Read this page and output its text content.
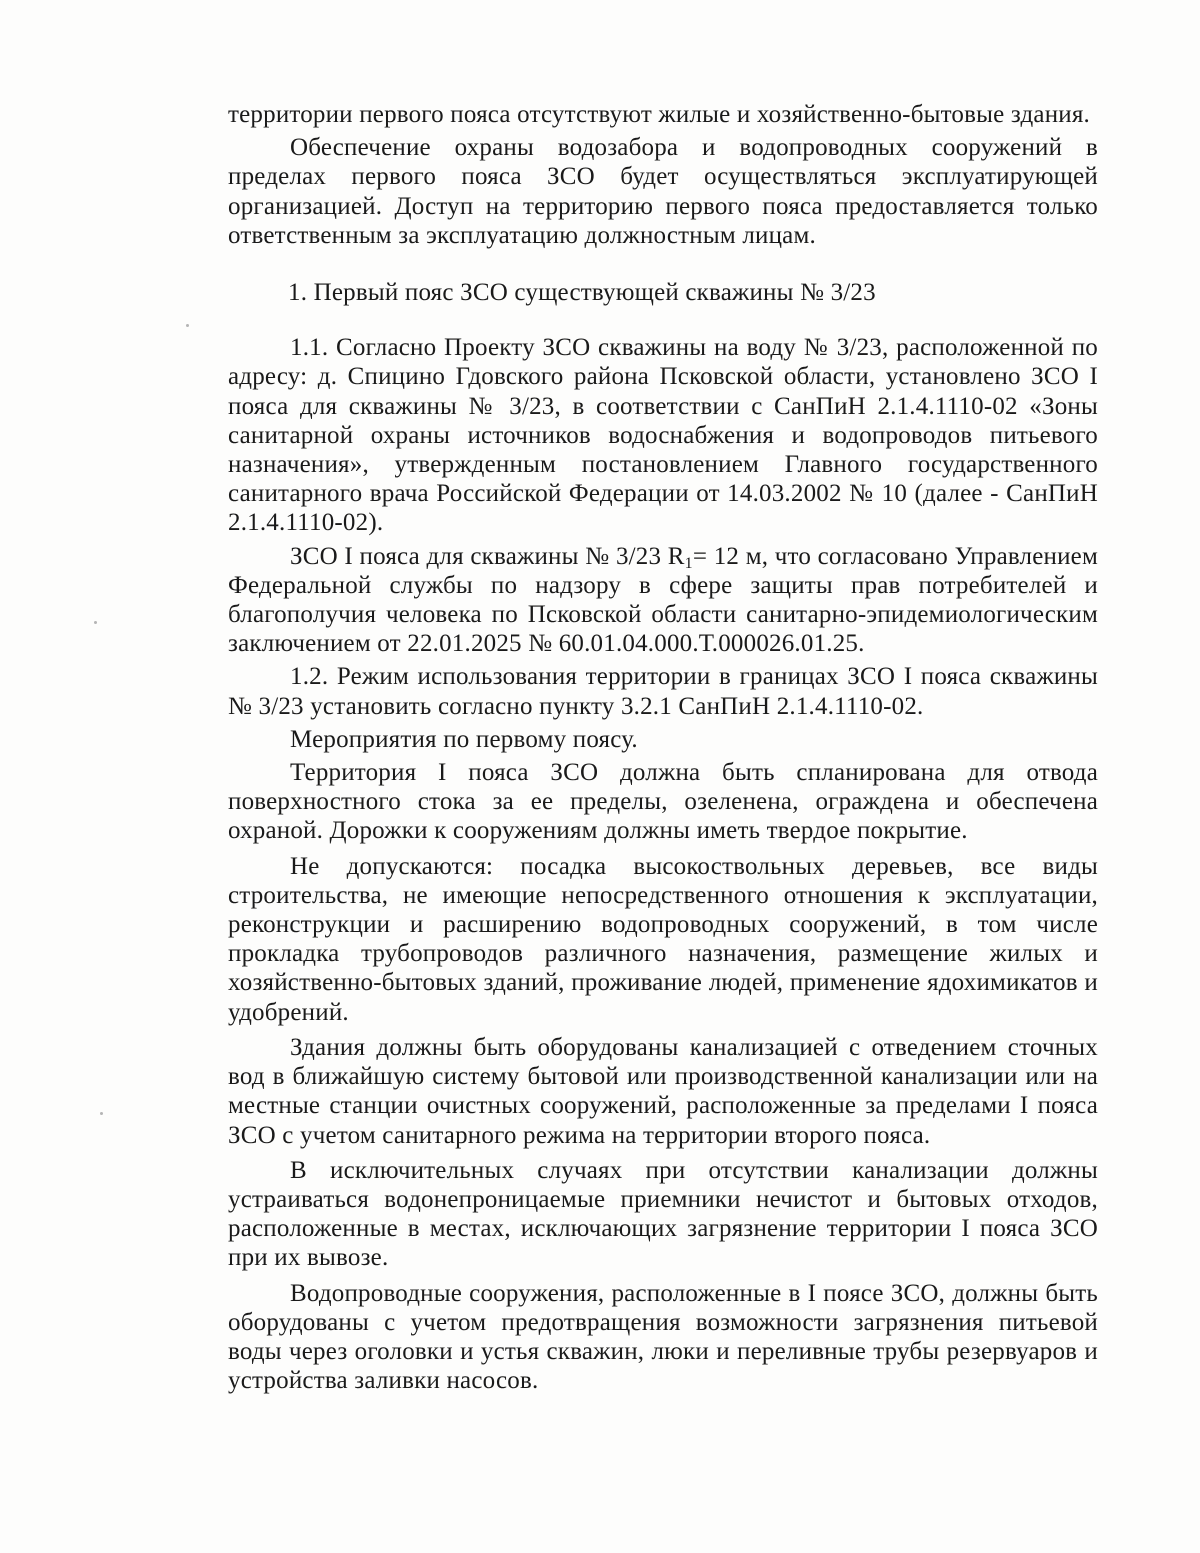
территории первого пояса отсутствуют жилые и хозяйственно-бытовые здания.

Обеспечение охраны водозабора и водопроводных сооружений в пределах первого пояса ЗСО будет осуществляться эксплуатирующей организацией. Доступ на территорию первого пояса предоставляется только ответственным за эксплуатацию должностным лицам.

1. Первый пояс ЗСО существующей скважины № 3/23

1.1. Согласно Проекту ЗСО скважины на воду № 3/23, расположенной по адресу: д. Спицино Гдовского района Псковской области, установлено ЗСО I пояса для скважины № 3/23, в соответствии с СанПиН 2.1.4.1110-02 «Зоны санитарной охраны источников водоснабжения и водопроводов питьевого назначения», утвержденным постановлением Главного государственного санитарного врача Российской Федерации от 14.03.2002 № 10 (далее - СанПиН 2.1.4.1110-02).

ЗСО I пояса для скважины № 3/23 $R_1= 12$ м, что согласовано Управлением Федеральной службы по надзору в сфере защиты прав потребителей и благополучия человека по Псковской области санитарно-эпидемиологическим заключением от 22.01.2025 № 60.01.04.000.Т.000026.01.25.

1.2. Режим использования территории в границах ЗСО I пояса скважины № 3/23 установить согласно пункту 3.2.1 СанПиН 2.1.4.1110-02.

Мероприятия по первому поясу.

Территория I пояса ЗСО должна быть спланирована для отвода поверхностного стока за ее пределы, озеленена, ограждена и обеспечена охраной. Дорожки к сооружениям должны иметь твердое покрытие.

Не допускаются: посадка высокоствольных деревьев, все виды строительства, не имеющие непосредственного отношения к эксплуатации, реконструкции и расширению водопроводных сооружений, в том числе прокладка трубопроводов различного назначения, размещение жилых и хозяйственно-бытовых зданий, проживание людей, применение ядохимикатов и удобрений.

Здания должны быть оборудованы канализацией с отведением сточных вод в ближайшую систему бытовой или производственной канализации или на местные станции очистных сооружений, расположенные за пределами I пояса ЗСО с учетом санитарного режима на территории второго пояса.

В исключительных случаях при отсутствии канализации должны устраиваться водонепроницаемые приемники нечистот и бытовых отходов, расположенные в местах, исключающих загрязнение территории I пояса ЗСО при их вывозе.

Водопроводные сооружения, расположенные в I поясе ЗСО, должны быть оборудованы с учетом предотвращения возможности загрязнения питьевой воды через оголовки и устья скважин, люки и переливные трубы резервуаров и устройства заливки насосов.
